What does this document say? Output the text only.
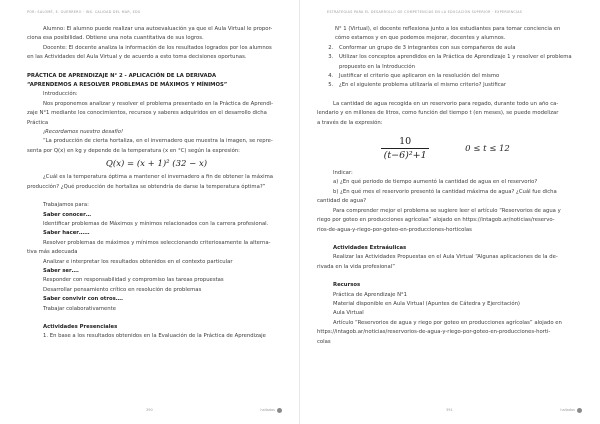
POR: SALOMÉ, E. GUERRERO · INS. CALIDAD DEL MAR, EDU

Alumno: El alumno puede realizar una autoevaluación ya que el Aula Virtual le propor-

ciona esa posibilidad. Obtiene una nota cuantitativa de sus logros.

Docente: El docente analiza la información de los resultados logrados por los alumnos

en las Actividades del Aula Virtual y de acuerdo a esto toma decisiones oportunas.

PRÁCTICA DE APRENDIZAJE N° 2 - APLICACIÓN DE LA DERIVADA

“APRENDEMOS A RESOLVER PROBLEMAS DE MÁXIMOS Y MÍNIMOS”

Introducción:

Nos proponemos analizar y resolver el problema presentado en la Práctica de Aprendi-

zaje N°1 mediante los conocimientos, recursos y saberes adquiridos en el desarrollo dicha

Práctica

¡Recordamos nuestro desafío!

“La producción de cierta hortaliza, en el invernadero que muestra la imagen, se repre-

senta por Q(x) en kg y depende de la temperatura (x en °C) según la expresión:

Q(x) = (x + 1)² (32 − x)

¿Cuál es la temperatura óptima a mantener el invernadero a fin de obtener la máxima

producción? ¿Qué producción de hortaliza se obtendría de darse la temperatura óptima?”

Trabajamos para:

Saber conocer…

Identificar problemas de Máximos y mínimos relacionados con la carrera profesional.

Saber hacer……

Resolver problemas de máximos y mínimos seleccionando criteriosamente la alterna-

tiva más adecuada

Analizar e interpretar los resultados obtenidos en el contexto particular

Saber ser….

Responder con responsabilidad y compromiso las tareas propuestas

Desarrollar pensamiento crítico en resolución de problemas

Saber convivir con otros….

Trabajar colaborativamente

Actividades Presenciales

1. En base a los resultados obtenidos en la Evaluación de la Práctica de Aprendizaje

390	hallados
ESTRATEGIAS PARA EL DESARROLLO DE COMPETENCIAS EN LA EDUCACIÓN SUPERIOR · EXPERIENCIAS
N° 1 (Virtual), el docente reflexiona junto a los estudiantes para tomar conciencia en cómo estamos y en que podemos mejorar, docentes y alumnos.
2. Conformar un grupo de 3 integrantes con sus compañeros de aula
3. Utilizar los conceptos aprendidos en la Práctica de Aprendizaje 1 y resolver el problema propuesto en la Introducción
4. Justificar el criterio que aplicaron en la resolución del mismo
5. ¿En el siguiente problema utilizaría el mismo criterio? Justificar

La cantidad de agua recogida en un reservorio para regado, durante todo un año ca-

lendario y en millones de litros, como función del tiempo t (en meses), se puede modelizar

a través de la expresión:

$\frac{10}{\text{(t−6)²+1}}$	0 ≤ t ≤ 12

Indicar:

a) ¿En qué periodo de tiempo aumentó la cantidad de agua en el reservorio?

b) ¿En qué mes el reservorio presentó la cantidad máxima de agua? ¿Cuál fue dicha

cantidad de agua?

Para comprender mejor el problema se sugiere leer el artículo “Reservorios de agua y

riego por goteo en producciones agrícolas” alojado en https://intagob.ar/noticias/reservo-

rios-de-agua-y-riego-por-goteo-en-producciones-horticolas

Actividades Extraáulicas

Realizar las Actividades Propuestas en el Aula Virtual “Algunas aplicaciones de la de-

rivada en la vida profesional”

Recursos

Práctica de Aprendizaje N°1

Material disponible en Aula Virtual (Apuntes de Cátedra y Ejercitación)

Aula Virtual

Artículo “Reservorios de agua y riego por goteo en producciones agrícolas” alojado en

https://intagob.ar/noticias/reservorios-de-agua-y-riego-por-goteo-en-producciones-horti-

colas

391	hallados
